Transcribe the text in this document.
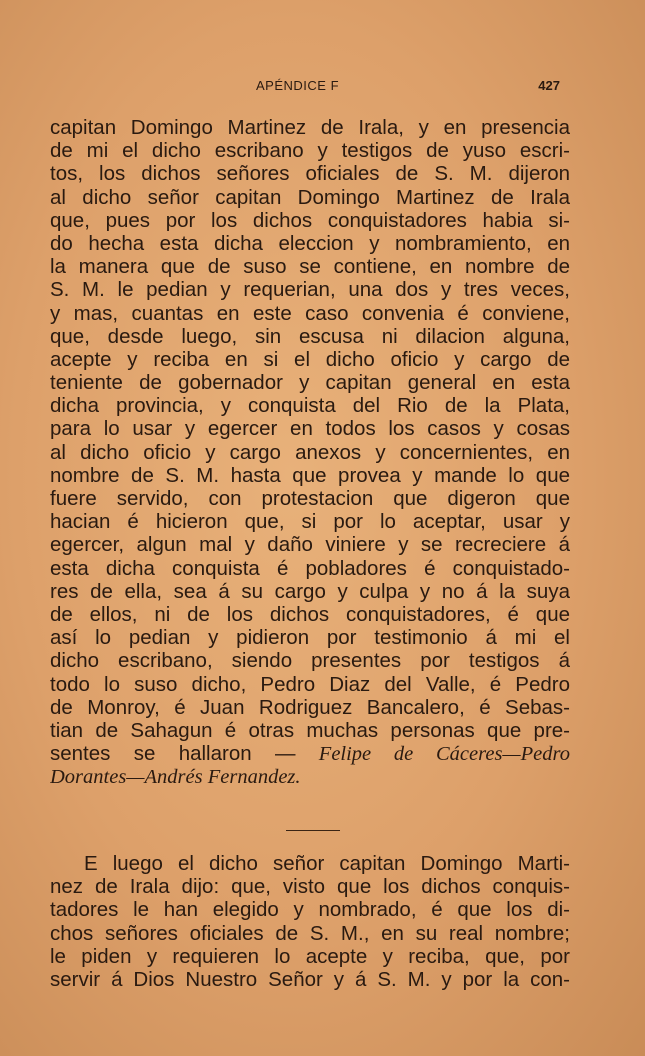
APÉNDICE F	427
capitan Domingo Martinez de Irala, y en presencia
de mi el dicho escribano y testigos de yuso escri-
tos, los dichos señores oficiales de S. M. dijeron
al dicho señor capitan Domingo Martinez de Irala
que, pues por los dichos conquistadores habia si-
do hecha esta dicha eleccion y nombramiento, en
la manera que de suso se contiene, en nombre de
S. M. le pedian y requerian, una dos y tres veces,
y mas, cuantas en este caso convenia é conviene,
que, desde luego, sin escusa ni dilacion alguna,
acepte y reciba en si el dicho oficio y cargo de
teniente de gobernador y capitan general en esta
dicha provincia, y conquista del Rio de la Plata,
para lo usar y egercer en todos los casos y cosas
al dicho oficio y cargo anexos y concernientes, en
nombre de S. M. hasta que provea y mande lo que
fuere servido, con protestacion que digeron que
hacian é hicieron que, si por lo aceptar, usar y
egercer, algun mal y daño viniere y se recreciere á
esta dicha conquista é pobladores é conquistado-
res de ella, sea á su cargo y culpa y no á la suya
de ellos, ni de los dichos conquistadores, é que
así lo pedian y pidieron por testimonio á mi el
dicho escribano, siendo presentes por testigos á
todo lo suso dicho, Pedro Diaz del Valle, é Pedro
de Monroy, é Juan Rodriguez Bancalero, é Sebas-
tian de Sahagun é otras muchas personas que pre-
sentes se hallaron — Felipe de Cáceres—Pedro
Dorantes—Andrés Fernandez.
E luego el dicho señor capitan Domingo Marti-
nez de Irala dijo: que, visto que los dichos conquis-
tadores le han elegido y nombrado, é que los di-
chos señores oficiales de S. M., en su real nombre;
le piden y requieren lo acepte y reciba, que, por
servir á Dios Nuestro Señor y á S. M. y por la con-
